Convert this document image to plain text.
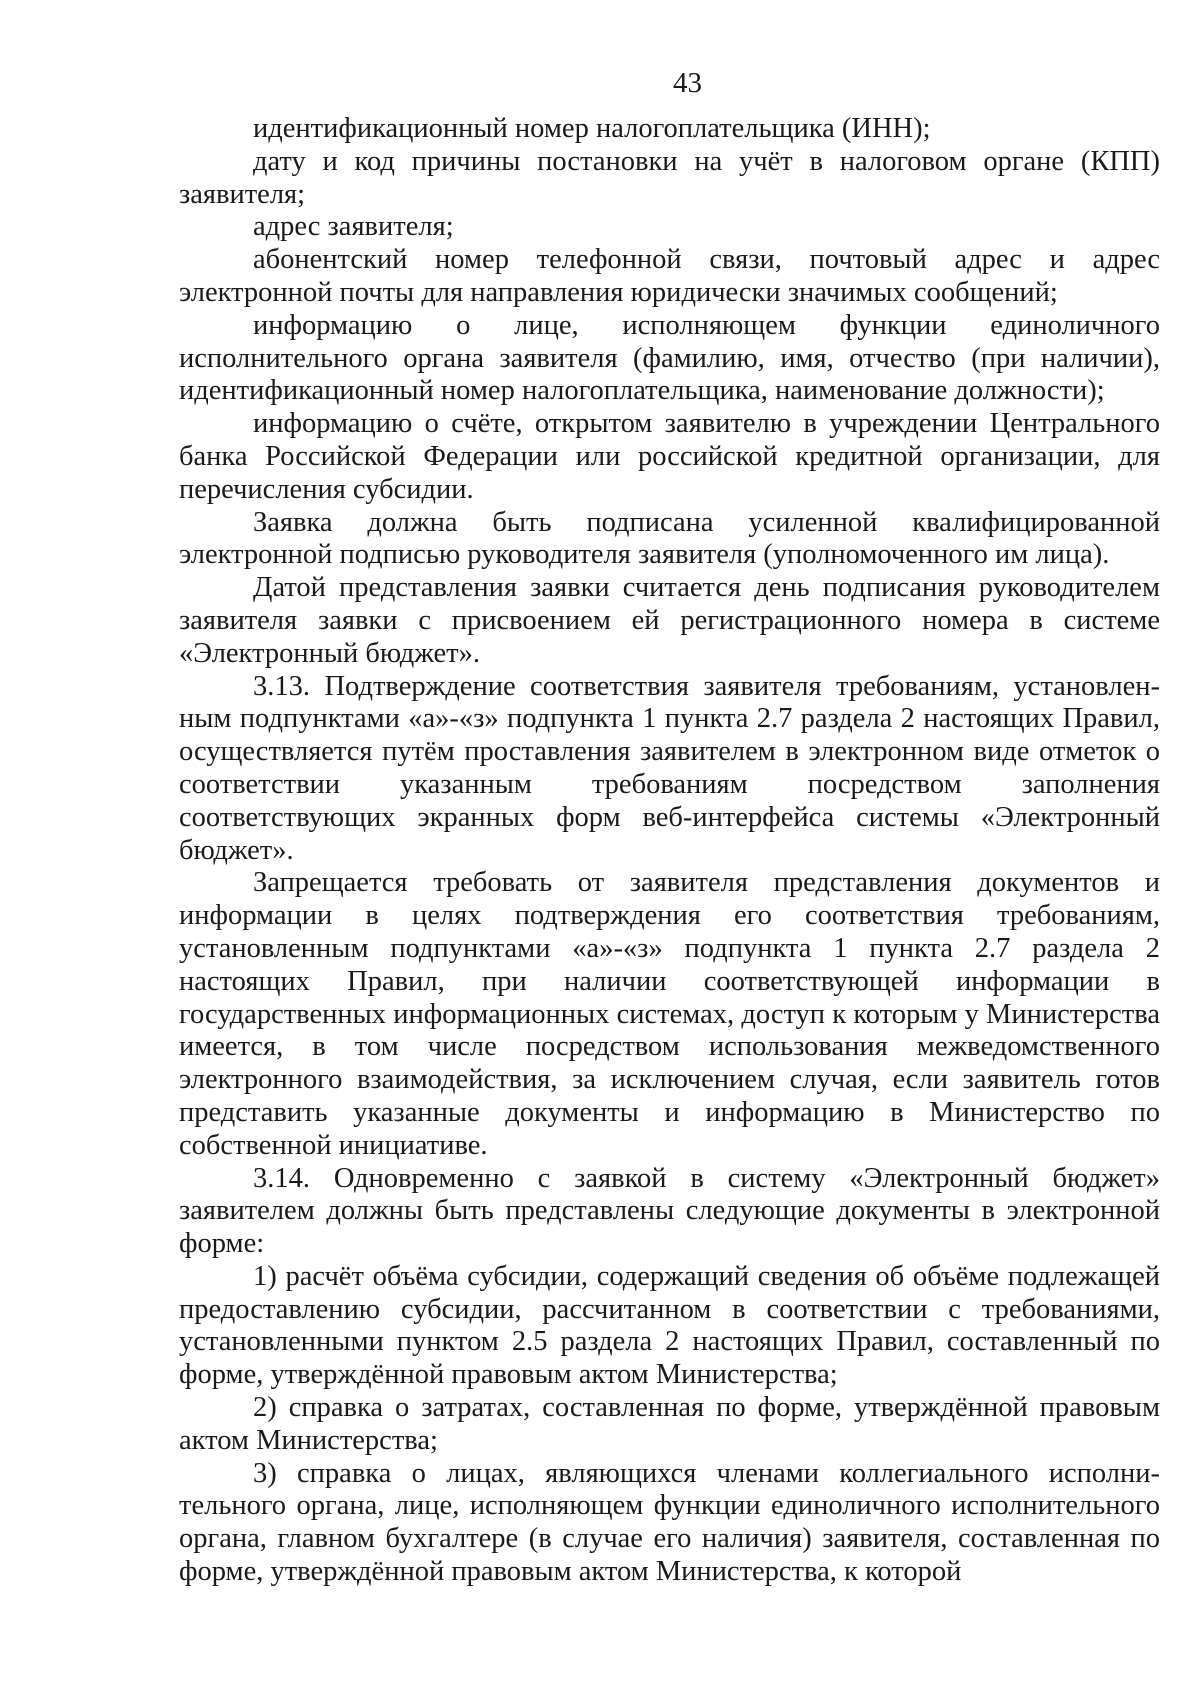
43

идентификационный номер налогоплательщика (ИНН);

дату и код причины постановки на учёт в налоговом органе (КПП) заявителя;

адрес заявителя;

абонентский номер телефонной связи, почтовый адрес и адрес электронной почты для направления юридически значимых сообщений;

информацию о лице, исполняющем функции единоличного исполнительного органа заявителя (фамилию, имя, отчество (при наличии), идентификационный номер налогоплательщика, наименование должности);

информацию о счёте, открытом заявителю в учреждении Центрального банка Российской Федерации или российской кредитной организации, для перечисления субсидии.

Заявка должна быть подписана усиленной квалифицированной электронной подписью руководителя заявителя (уполномоченного им лица).

Датой представления заявки считается день подписания руководителем заявителя заявки с присвоением ей регистрационного номера в системе «Электронный бюджет».

3.13. Подтверждение соответствия заявителя требованиям, установленным подпунктами «а»-«з» подпункта 1 пункта 2.7 раздела 2 настоящих Правил, осуществляется путём проставления заявителем в электронном виде отметок о соответствии указанным требованиям посредством заполнения соответствующих экранных форм веб-интерфейса системы «Электронный бюджет».

Запрещается требовать от заявителя представления документов и информации в целях подтверждения его соответствия требованиям, установленным подпунктами «а»-«з» подпункта 1 пункта 2.7 раздела 2 настоящих Правил, при наличии соответствующей информации в государственных информационных системах, доступ к которым у Министерства имеется, в том числе посредством использования межведомственного электронного взаимодействия, за исключением случая, если заявитель готов представить указанные документы и информацию в Министерство по собственной инициативе.

3.14. Одновременно с заявкой в систему «Электронный бюджет» заявителем должны быть представлены следующие документы в электронной форме:

1) расчёт объёма субсидии, содержащий сведения об объёме подлежащей предоставлению субсидии, рассчитанном в соответствии с требованиями, установленными пунктом 2.5 раздела 2 настоящих Правил, составленный по форме, утверждённой правовым актом Министерства;

2) справка о затратах, составленная по форме, утверждённой правовым актом Министерства;

3) справка о лицах, являющихся членами коллегиального исполнительного органа, лице, исполняющем функции единоличного исполнительного органа, главном бухгалтере (в случае его наличия) заявителя, составленная по форме, утверждённой правовым актом Министерства, к которой
